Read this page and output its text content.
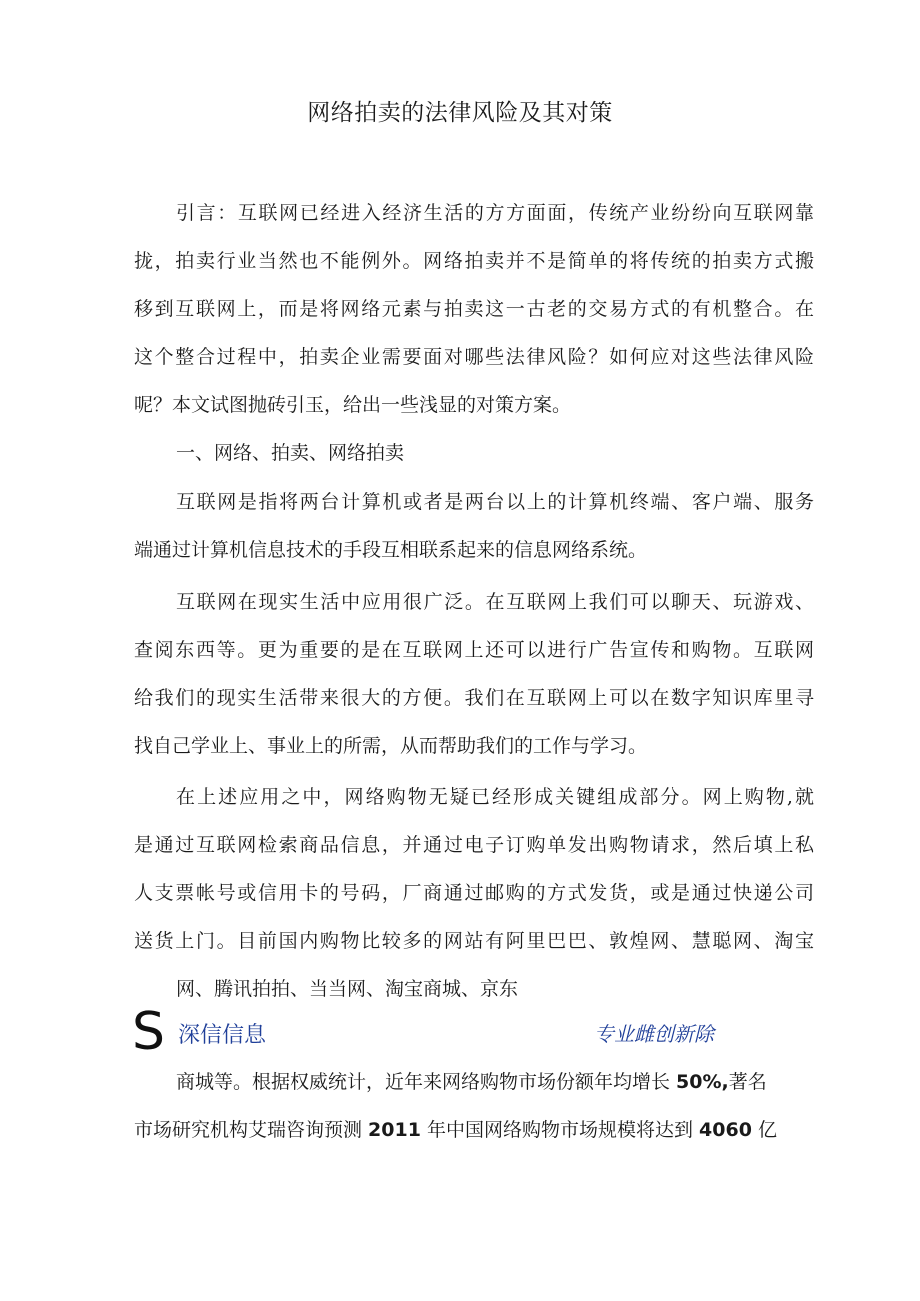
网络拍卖的法律风险及其对策
引言：互联网已经进入经济生活的方方面面，传统产业纷纷向互联网靠
拢，拍卖行业当然也不能例外。网络拍卖并不是简单的将传统的拍卖方式搬
移到互联网上，而是将网络元素与拍卖这一古老的交易方式的有机整合。在
这个整合过程中，拍卖企业需要面对哪些法律风险？如何应对这些法律风险
呢？本文试图抛砖引玉，给出一些浅显的对策方案。
一、网络、拍卖、网络拍卖
互联网是指将两台计算机或者是两台以上的计算机终端、客户端、服务
端通过计算机信息技术的手段互相联系起来的信息网络系统。
互联网在现实生活中应用很广泛。在互联网上我们可以聊天、玩游戏、
查阅东西等。更为重要的是在互联网上还可以进行广告宣传和购物。互联网
给我们的现实生活带来很大的方便。我们在互联网上可以在数字知识库里寻
找自己学业上、事业上的所需，从而帮助我们的工作与学习。
在上述应用之中，网络购物无疑已经形成关键组成部分。网上购物,就
是通过互联网检索商品信息，并通过电子订购单发出购物请求，然后填上私
人支票帐号或信用卡的号码，厂商通过邮购的方式发货，或是通过快递公司
送货上门。目前国内购物比较多的网站有阿里巴巴、敦煌网、慧聪网、淘宝
网、腾讯拍拍、当当网、淘宝商城、京东
S 深信信息	专业雌创新除
商城等。根据权威统计，近年来网络购物市场份额年均增长 50%,著名
市场研究机构艾瑞咨询预测 2011 年中国网络购物市场规模将达到 4060 亿
